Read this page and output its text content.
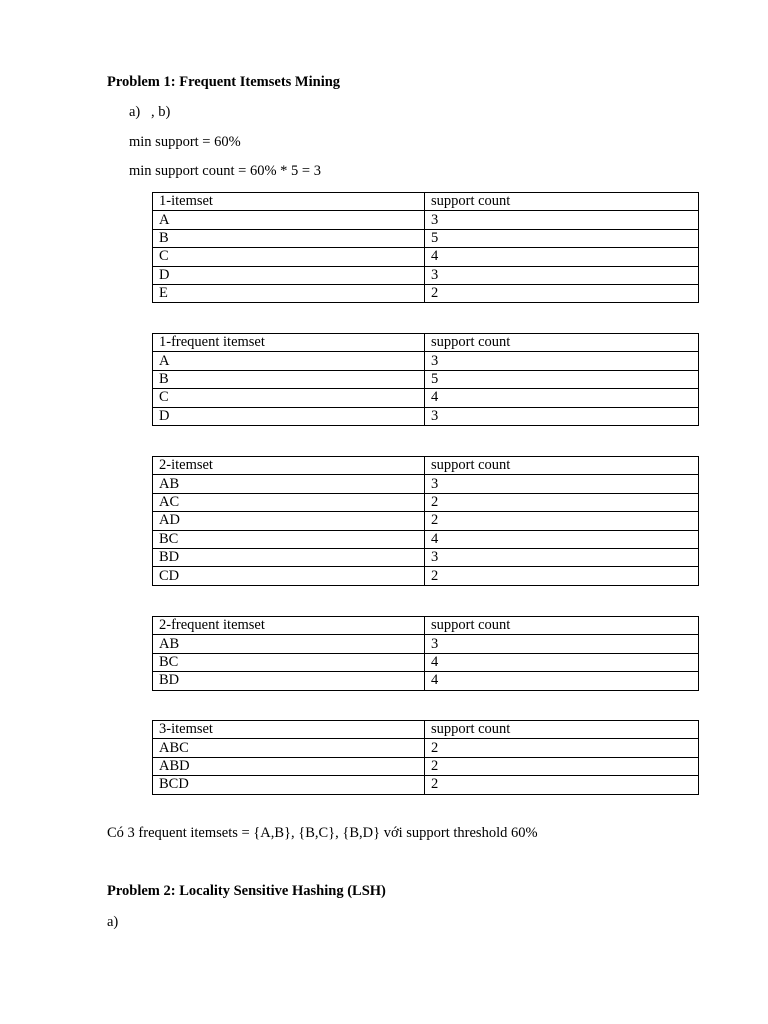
Problem 1: Frequent Itemsets Mining

a) , b)

min support = 60%

min support count = 60% * 5 = 3

1-itemset	support count
A	3
B	5
C	4
D	3
E	2
1-frequent itemset	support count
A	3
B	5
C	4
D	3
2-itemset	support count
AB	3
AC	2
AD	2
BC	4
BD	3
CD	2
2-frequent itemset	support count
AB	3
BC	4
BD	4
3-itemset	support count
ABC	2
ABD	2
BCD	2

Có 3 frequent itemsets = {A,B}, {B,C}, {B,D} với support threshold 60%

Problem 2: Locality Sensitive Hashing (LSH)

a)
